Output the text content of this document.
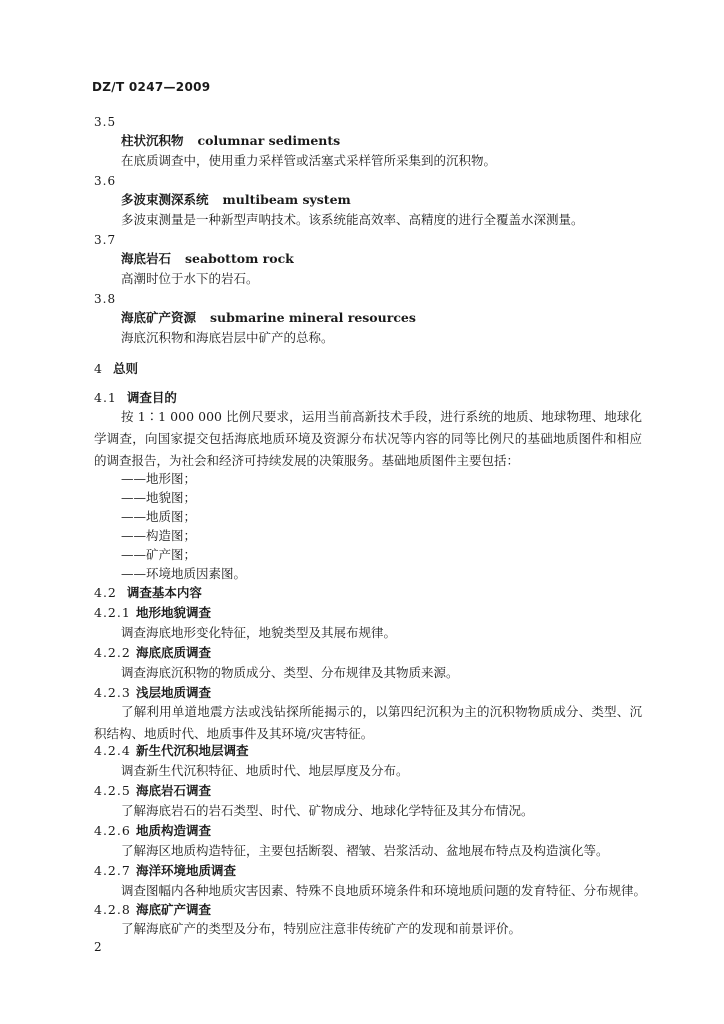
DZ/T 0247—2009
3.5
柱状沉积物 columnar sediments
在底质调查中，使用重力采样管或活塞式采样管所采集到的沉积物。
3.6
多波束测深系统 multibeam system
多波束测量是一种新型声呐技术。该系统能高效率、高精度的进行全覆盖水深测量。
3.7
海底岩石 seabottom rock
高潮时位于水下的岩石。
3.8
海底矿产资源 submarine mineral resources
海底沉积物和海底岩层中矿产的总称。
4 总则
4.1 调查目的
按 1∶1 000 000 比例尺要求，运用当前高新技术手段，进行系统的地质、地球物理、地球化学调查，向国家提交包括海底地质环境及资源分布状况等内容的同等比例尺的基础地质图件和相应的调查报告，为社会和经济可持续发展的决策服务。基础地质图件主要包括：
——地形图；
——地貌图；
——地质图；
——构造图；
——矿产图；
——环境地质因素图。
4.2 调查基本内容
4.2.1 地形地貌调查
调查海底地形变化特征，地貌类型及其展布规律。
4.2.2 海底底质调查
调查海底沉积物的物质成分、类型、分布规律及其物质来源。
4.2.3 浅层地质调查
了解利用单道地震方法或浅钻探所能揭示的，以第四纪沉积为主的沉积物物质成分、类型、沉积结构、地质时代、地质事件及其环境/灾害特征。
4.2.4 新生代沉积地层调查
调查新生代沉积特征、地质时代、地层厚度及分布。
4.2.5 海底岩石调查
了解海底岩石的岩石类型、时代、矿物成分、地球化学特征及其分布情况。
4.2.6 地质构造调查
了解海区地质构造特征，主要包括断裂、褶皱、岩浆活动、盆地展布特点及构造演化等。
4.2.7 海洋环境地质调查
调查图幅内各种地质灾害因素、特殊不良地质环境条件和环境地质问题的发育特征、分布规律。
4.2.8 海底矿产调查
了解海底矿产的类型及分布，特别应注意非传统矿产的发现和前景评价。
2
